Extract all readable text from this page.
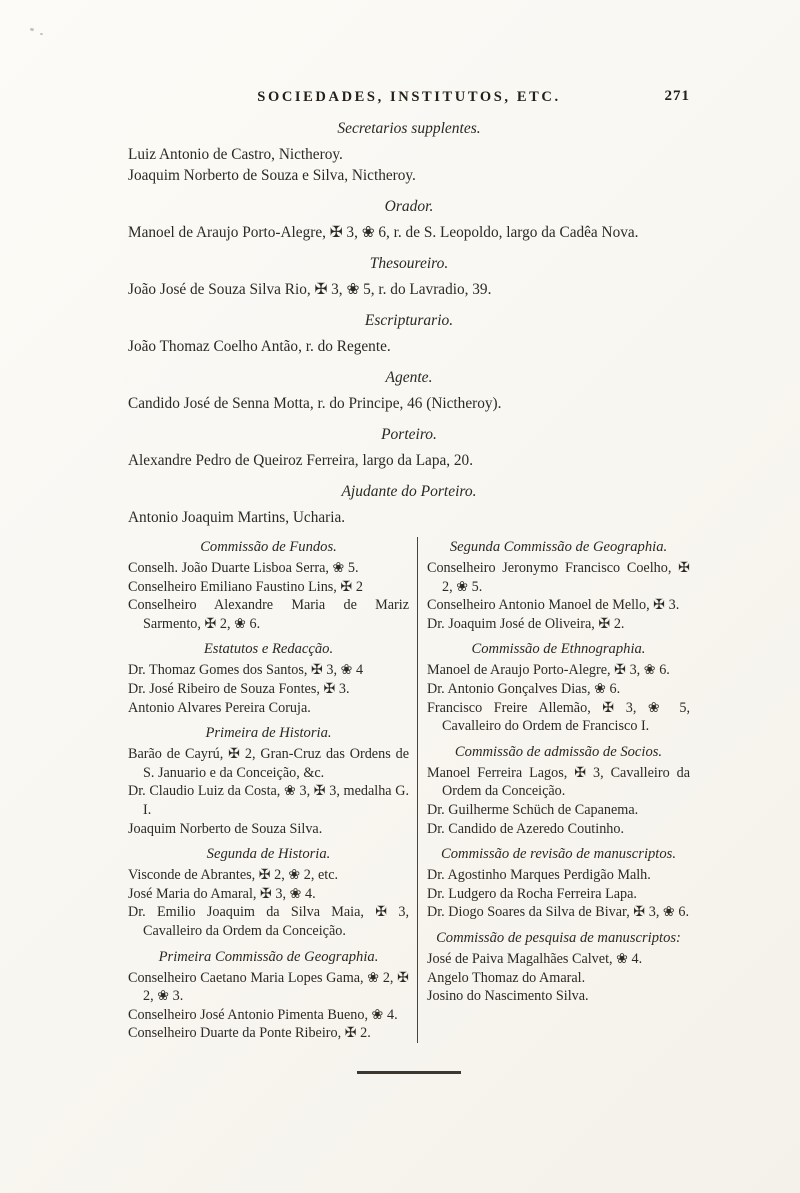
SOCIEDADES, INSTITUTOS, ETC.	271
Secretarios supplentes.

Luiz Antonio de Castro, Nictheroy.

Joaquim Norberto de Souza e Silva, Nictheroy.

Orador.

Manoel de Araujo Porto-Alegre, ✠ 3, ❀ 6, r. de S. Leopoldo, largo da Cadêa Nova.

Thesoureiro.

João José de Souza Silva Rio, ✠ 3, ❀ 5, r. do Lavradio, 39.

Escripturario.

João Thomaz Coelho Antão, r. do Regente.

Agente.

Candido José de Senna Motta, r. do Principe, 46 (Nictheroy).

Porteiro.

Alexandre Pedro de Queiroz Ferreira, largo da Lapa, 20.

Ajudante do Porteiro.

Antonio Joaquim Martins, Ucharia.

Commissão de Fundos.

Conselh. João Duarte Lisboa Serra, ❀ 5.

Conselheiro Emiliano Faustino Lins, ✠ 2

Conselheiro Alexandre Maria de Mariz Sarmento, ✠ 2, ❀ 6.

Estatutos e Redacção.

Dr. Thomaz Gomes dos Santos, ✠ 3, ❀ 4

Dr. José Ribeiro de Souza Fontes, ✠ 3.

Antonio Alvares Pereira Coruja.

Primeira de Historia.

Barão de Cayrú, ✠ 2, Gran-Cruz das Ordens de S. Januario e da Conceição, &c.

Dr. Claudio Luiz da Costa, ❀ 3, ✠ 3, medalha G. I.

Joaquim Norberto de Souza Silva.

Segunda de Historia.

Visconde de Abrantes, ✠ 2, ❀ 2, etc.

José Maria do Amaral, ✠ 3, ❀ 4.

Dr. Emilio Joaquim da Silva Maia, ✠ 3, Cavalleiro da Ordem da Conceição.

Primeira Commissão de Geographia.

Conselheiro Caetano Maria Lopes Gama, ❀ 2, ✠ 2, ❀ 3.

Conselheiro José Antonio Pimenta Bueno, ❀ 4.

Conselheiro Duarte da Ponte Ribeiro, ✠ 2.

Segunda Commissão de Geographia.

Conselheiro Jeronymo Francisco Coelho, ✠ 2, ❀ 5.

Conselheiro Antonio Manoel de Mello, ✠ 3.

Dr. Joaquim José de Oliveira, ✠ 2.

Commissão de Ethnographia.

Manoel de Araujo Porto-Alegre, ✠ 3, ❀ 6.

Dr. Antonio Gonçalves Dias, ❀ 6.

Francisco Freire Allemão, ✠ 3, ❀ 5, Cavalleiro do Ordem de Francisco I.

Commissão de admissão de Socios.

Manoel Ferreira Lagos, ✠ 3, Cavalleiro da Ordem da Conceição.

Dr. Guilherme Schüch de Capanema.

Dr. Candido de Azeredo Coutinho.

Commissão de revisão de manuscriptos.

Dr. Agostinho Marques Perdigão Malh.

Dr. Ludgero da Rocha Ferreira Lapa.

Dr. Diogo Soares da Silva de Bivar, ✠ 3, ❀ 6.

Commissão de pesquisa de manuscriptos:

José de Paiva Magalhães Calvet, ❀ 4.

Angelo Thomaz do Amaral.

Josino do Nascimento Silva.
